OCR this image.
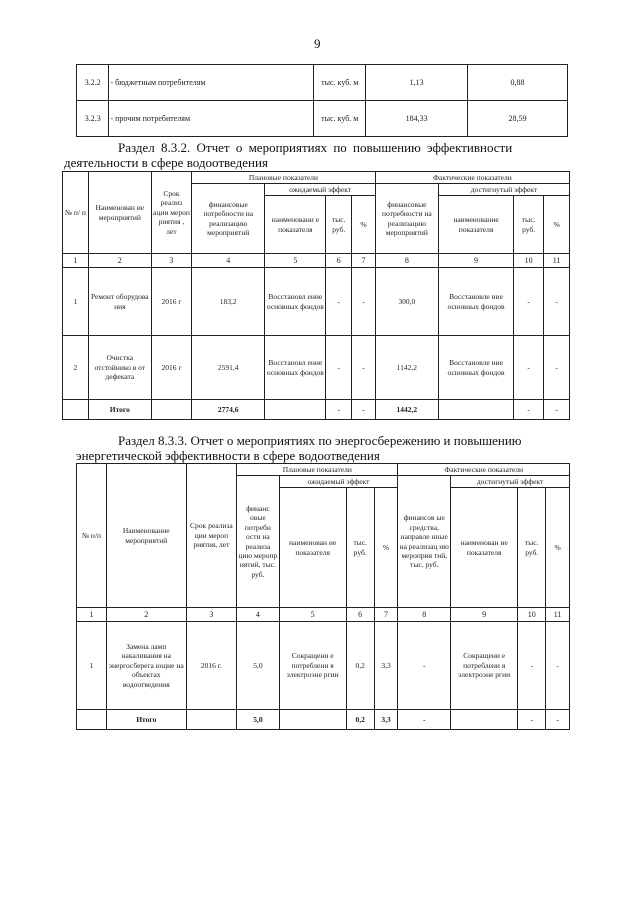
9
3.2.2	- бюджетным потребителям	тыс. куб. м	1,13	0,88
3.2.3	- прочим потребителям	тыс. куб. м	184,33	28,59
Раздел 8.3.2. Отчет о мероприятиях по повышению эффективности
деятельности в сфере водоотведения
№ п/ п	Наименован ие мероприятий	Срок реализ ации мероп риятия , лет	Плановые показатели				Фактические показатели			
			финансовые потребности на реализацию мероприятий	ожидаемый эффект			финансовые потребности на реализацию мероприятий	достигнутый эффект		
				наименовани е показателя	тыс. руб.	%		наименование показателя	тыс. руб.	%
1	2	3	4	5	6	7	8	9	10	11
1	Ремонт оборудова ния	2016 г	183,2	Восстановл ение основных фондов	-	-	300,0	Восстановле ние основных фондов	-	-
2	Очистка отстойнико в от дефеката	2016 г	2591,4	Восстановл ение основных фондов	-	-	1142,2	Восстановле ние основных фондов	-	-
	Итого		2774,6		-	-	1442,2		-	-
Раздел 8.3.3. Отчет о мероприятиях по энергосбережению и повышению
энергетической эффективности в сфере водоотведения
№ п/п	Наименование мероприятий	Срок реализа ции мероп риятия, лет	Плановые показатели				Фактические показатели			
			финанс овые потребн ости на реализа цию меропр иятий, тыс. руб.	ожидаемый эффект			финансов ые средства, направле нные на реализац ию мероприя тий, тыс. руб.	достигнутый эффект		
				наименован ие показателя	тыс. руб.	%		наименован ие показателя	тыс. руб.	%
1	2	3	4	5	6	7	8	9	10	11
1	Замена ламп накаливания на энергосберега ющие на объектах водоотведения	2016 г.	5,0	Сокращени е потреблени я электроэне ргии	0,2	3,3	-	Сокращени е потреблени я электроэне ргии	-	-
	Итого		5,0		0,2	3,3	-		-	-
